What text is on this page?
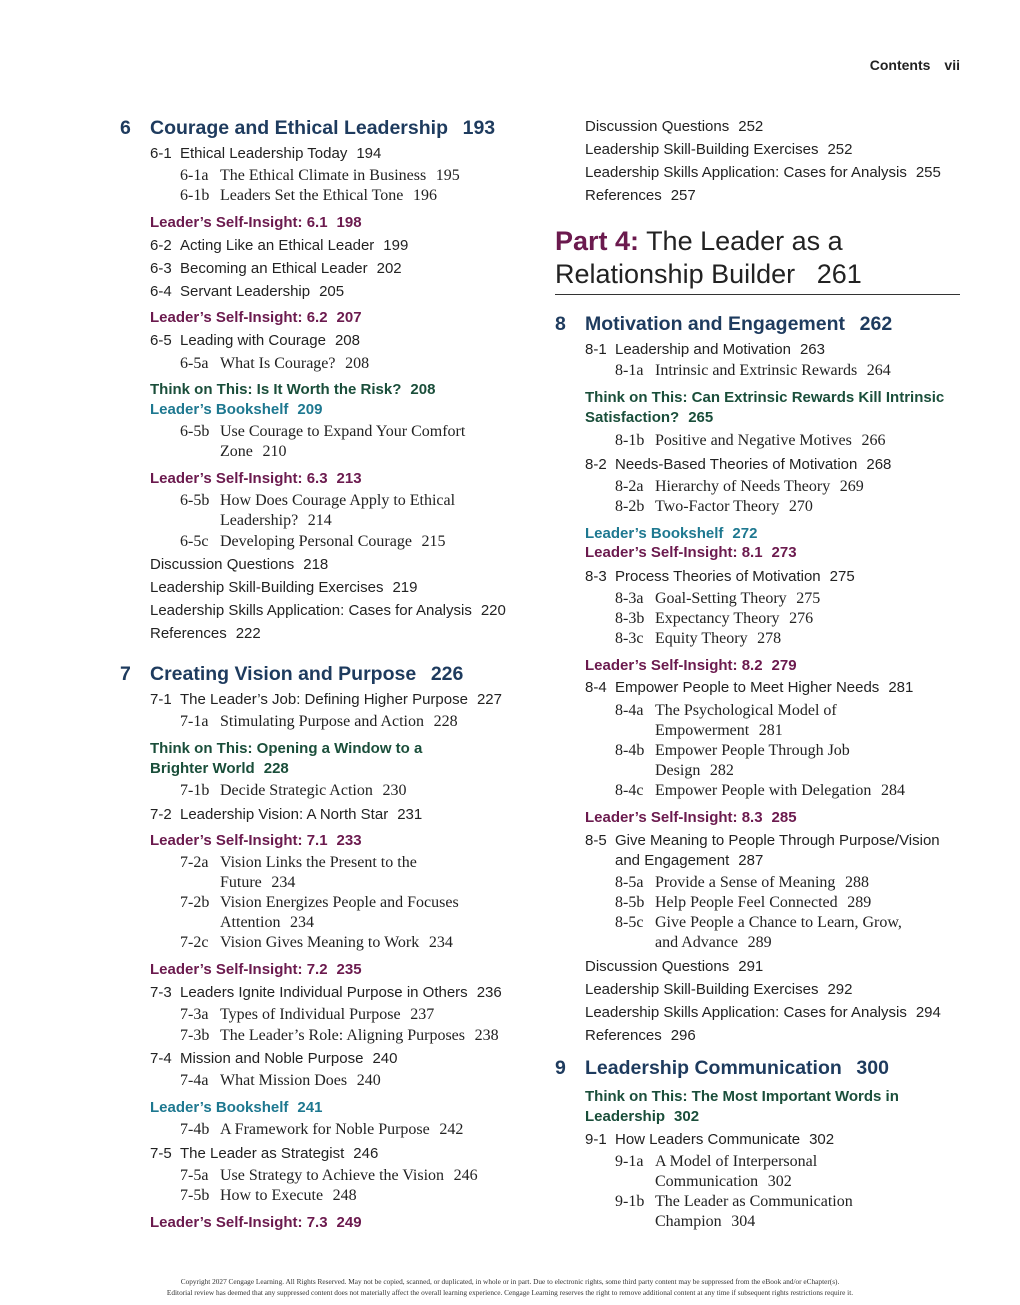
Contents vii
6 Courage and Ethical Leadership 193
6-1 Ethical Leadership Today 194
6-1a The Ethical Climate in Business 195
6-1b Leaders Set the Ethical Tone 196
Leader’s Self-Insight: 6.1 198
6-2 Acting Like an Ethical Leader 199
6-3 Becoming an Ethical Leader 202
6-4 Servant Leadership 205
Leader’s Self-Insight: 6.2 207
6-5 Leading with Courage 208
6-5a What Is Courage? 208
Think on This: Is It Worth the Risk? 208
Leader’s Bookshelf 209
6-5b Use Courage to Expand Your Comfort
Zone 210
Leader’s Self-Insight: 6.3 213
6-5b How Does Courage Apply to Ethical
Leadership? 214
6-5c Developing Personal Courage 215
Discussion Questions 218
Leadership Skill-Building Exercises 219
Leadership Skills Application: Cases for Analysis 220
References 222
7 Creating Vision and Purpose 226
7-1 The Leader’s Job: Defining Higher Purpose 227
7-1a Stimulating Purpose and Action 228
Think on This: Opening a Window to a
Brighter World 228
7-1b Decide Strategic Action 230
7-2 Leadership Vision: A North Star 231
Leader’s Self-Insight: 7.1 233
7-2a Vision Links the Present to the
Future 234
7-2b Vision Energizes People and Focuses
Attention 234
7-2c Vision Gives Meaning to Work 234
Leader’s Self-Insight: 7.2 235
7-3 Leaders Ignite Individual Purpose in Others 236
7-3a Types of Individual Purpose 237
7-3b The Leader’s Role: Aligning Purposes 238
7-4 Mission and Noble Purpose 240
7-4a What Mission Does 240
Leader’s Bookshelf 241
7-4b A Framework for Noble Purpose 242
7-5 The Leader as Strategist 246
7-5a Use Strategy to Achieve the Vision 246
7-5b How to Execute 248
Leader’s Self-Insight: 7.3 249
Part 4: The Leader as a
Relationship Builder 261
Discussion Questions 252
Leadership Skill-Building Exercises 252
Leadership Skills Application: Cases for Analysis 255
References 257
8 Motivation and Engagement 262
8-1 Leadership and Motivation 263
8-1a Intrinsic and Extrinsic Rewards 264
Think on This: Can Extrinsic Rewards Kill Intrinsic
Satisfaction? 265
8-1b Positive and Negative Motives 266
8-2 Needs-Based Theories of Motivation 268
8-2a Hierarchy of Needs Theory 269
8-2b Two-Factor Theory 270
Leader’s Bookshelf 272
Leader’s Self-Insight: 8.1 273
8-3 Process Theories of Motivation 275
8-3a Goal-Setting Theory 275
8-3b Expectancy Theory 276
8-3c Equity Theory 278
Leader’s Self-Insight: 8.2 279
8-4 Empower People to Meet Higher Needs 281
8-4a The Psychological Model of
Empowerment 281
8-4b Empower People Through Job
Design 282
8-4c Empower People with Delegation 284
Leader’s Self-Insight: 8.3 285
8-5 Give Meaning to People Through Purpose/Vision
and Engagement 287
8-5a Provide a Sense of Meaning 288
8-5b Help People Feel Connected 289
8-5c Give People a Chance to Learn, Grow,
and Advance 289
Discussion Questions 291
Leadership Skill-Building Exercises 292
Leadership Skills Application: Cases for Analysis 294
References 296
9 Leadership Communication 300
Think on This: The Most Important Words in
Leadership 302
9-1 How Leaders Communicate 302
9-1a A Model of Interpersonal
Communication 302
9-1b The Leader as Communication
Champion 304
Copyright 2027 Cengage Learning. All Rights Reserved. May not be copied, scanned, or duplicated, in whole or in part. Due to electronic rights, some third party content may be suppressed from the eBook and/or eChapter(s).
Editorial review has deemed that any suppressed content does not materially affect the overall learning experience. Cengage Learning reserves the right to remove additional content at any time if subsequent rights restrictions require it.
